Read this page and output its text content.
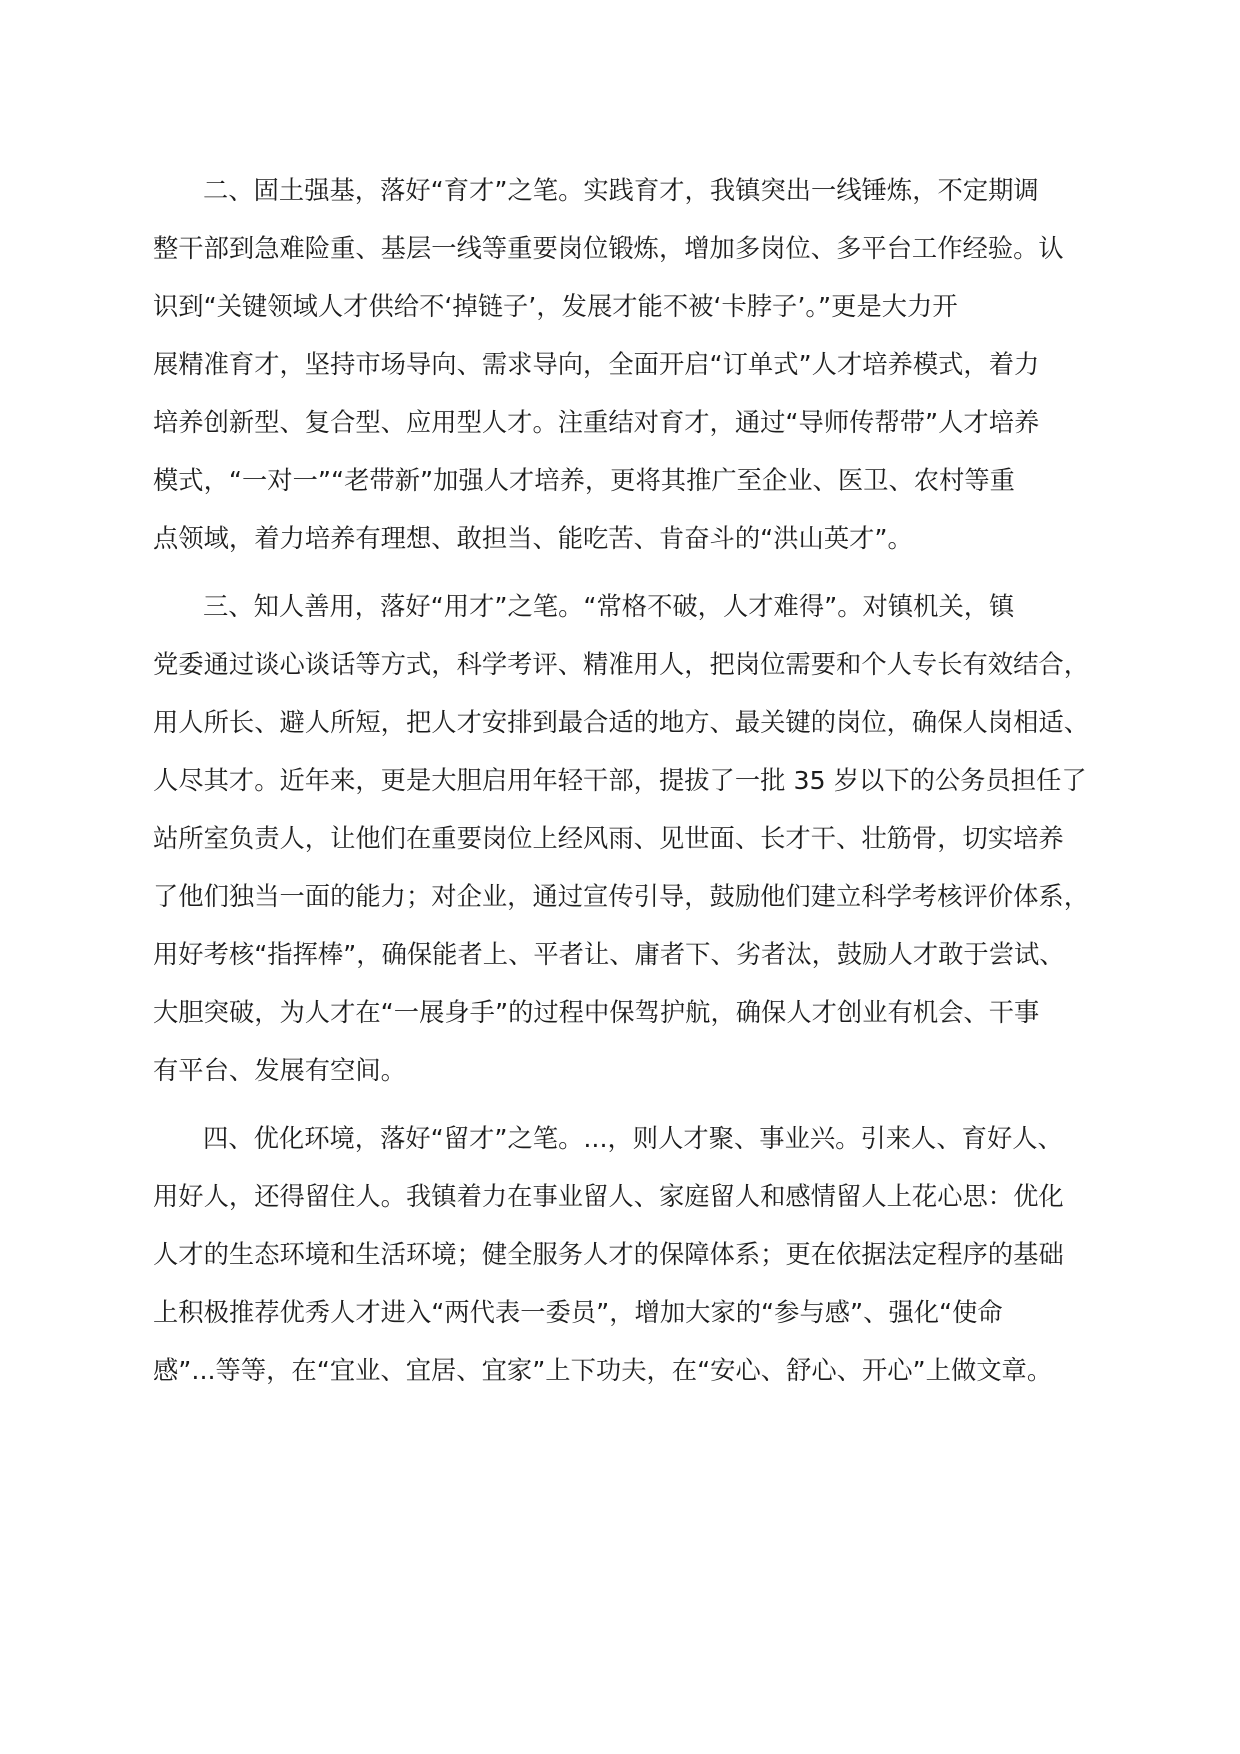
二、固土强基，落好“育才”之笔。实践育才，我镇突出一线锤炼，不定期调
整干部到急难险重、基层一线等重要岗位锻炼，增加多岗位、多平台工作经验。认
识到“关键领域人才供给不‘掉链子’，发展才能不被‘卡脖子’。”更是大力开
展精准育才，坚持市场导向、需求导向，全面开启“订单式”人才培养模式，着力
培养创新型、复合型、应用型人才。注重结对育才，通过“导师传帮带”人才培养
模式，“一对一”“老带新”加强人才培养，更将其推广至企业、医卫、农村等重
点领域，着力培养有理想、敢担当、能吃苦、肯奋斗的“洪山英才”。
三、知人善用，落好“用才”之笔。“常格不破，人才难得”。对镇机关，镇
党委通过谈心谈话等方式，科学考评、精准用人，把岗位需要和个人专长有效结合，
用人所长、避人所短，把人才安排到最合适的地方、最关键的岗位，确保人岗相适、
人尽其才。近年来，更是大胆启用年轻干部，提拔了一批 35 岁以下的公务员担任了
站所室负责人，让他们在重要岗位上经风雨、见世面、长才干、壮筋骨，切实培养
了他们独当一面的能力；对企业，通过宣传引导，鼓励他们建立科学考核评价体系，
用好考核“指挥棒”，确保能者上、平者让、庸者下、劣者汰，鼓励人才敢于尝试、
大胆突破，为人才在“一展身手”的过程中保驾护航，确保人才创业有机会、干事
有平台、发展有空间。
四、优化环境，落好“留才”之笔。...，则人才聚、事业兴。引来人、育好人、
用好人，还得留住人。我镇着力在事业留人、家庭留人和感情留人上花心思：优化
人才的生态环境和生活环境；健全服务人才的保障体系；更在依据法定程序的基础
上积极推荐优秀人才进入“两代表一委员”，增加大家的“参与感”、强化“使命
感”...等等，在“宜业、宜居、宜家”上下功夫，在“安心、舒心、开心”上做文章。
